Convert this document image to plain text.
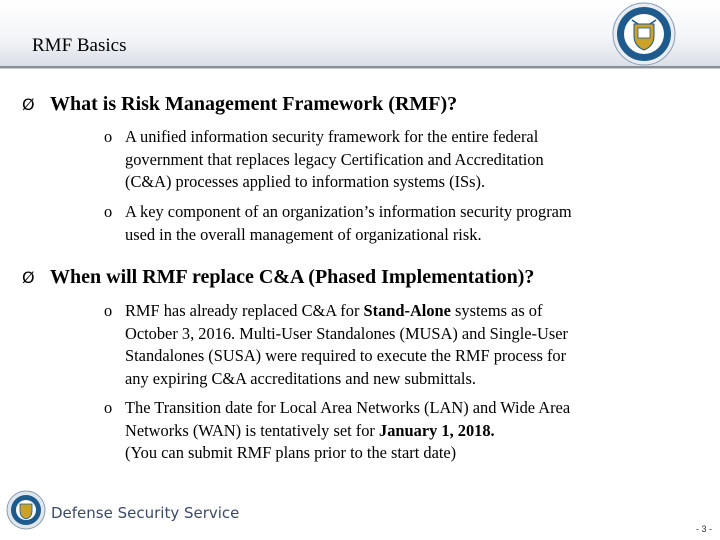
RMF Basics
Ø What is Risk Management Framework (RMF)?
o A unified information security framework for the entire federal
government that replaces legacy Certification and Accreditation
(C&A) processes applied to information systems (ISs).
o A key component of an organization’s information security program
used in the overall management of organizational risk.
Ø When will RMF replace C&A (Phased Implementation)?
o RMF has already replaced C&A for Stand-Alone systems as of
October 3, 2016. Multi-User Standalones (MUSA) and Single-User
Standalones (SUSA) were required to execute the RMF process for
any expiring C&A accreditations and new submittals.
o The Transition date for Local Area Networks (LAN) and Wide Area
Networks (WAN) is tentatively set for January 1, 2018.
(You can submit RMF plans prior to the start date)
Defense Security Service
- 3 -
